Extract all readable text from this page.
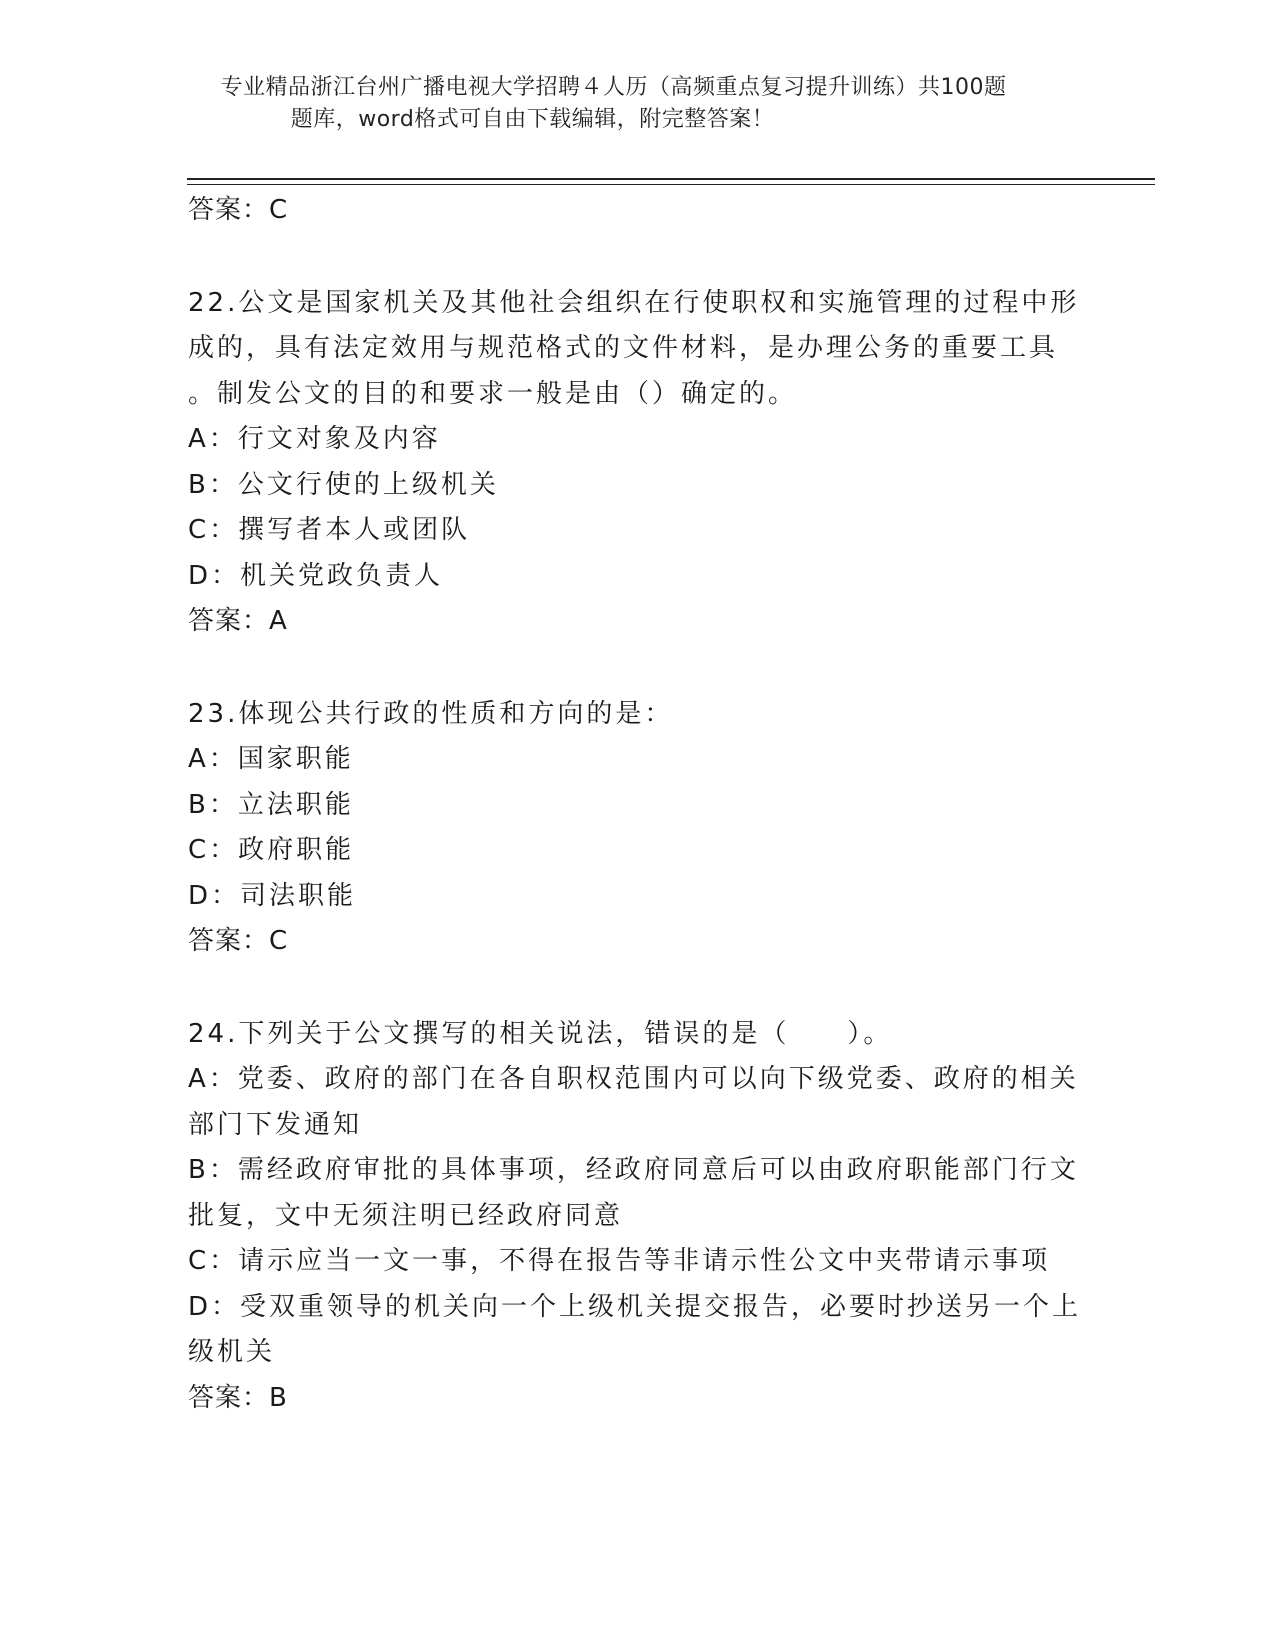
专业精品浙江台州广播电视大学招聘４人历（高频重点复习提升训练）共100题
题库，word格式可自由下载编辑，附完整答案！
答案：C
22.公文是国家机关及其他社会组织在行使职权和实施管理的过程中形
成的，具有法定效用与规范格式的文件材料，是办理公务的重要工具
。制发公文的目的和要求一般是由（）确定的。
A：行文对象及内容
B：公文行使的上级机关
C：撰写者本人或团队
D：机关党政负责人
答案：A
23.体现公共行政的性质和方向的是：
A：国家职能
B：立法职能
C：政府职能
D：司法职能
答案：C
24.下列关于公文撰写的相关说法，错误的是（　　）。
A：党委、政府的部门在各自职权范围内可以向下级党委、政府的相关
部门下发通知
B：需经政府审批的具体事项，经政府同意后可以由政府职能部门行文
批复，文中无须注明已经政府同意
C：请示应当一文一事，不得在报告等非请示性公文中夹带请示事项
D：受双重领导的机关向一个上级机关提交报告，必要时抄送另一个上
级机关
答案：B
